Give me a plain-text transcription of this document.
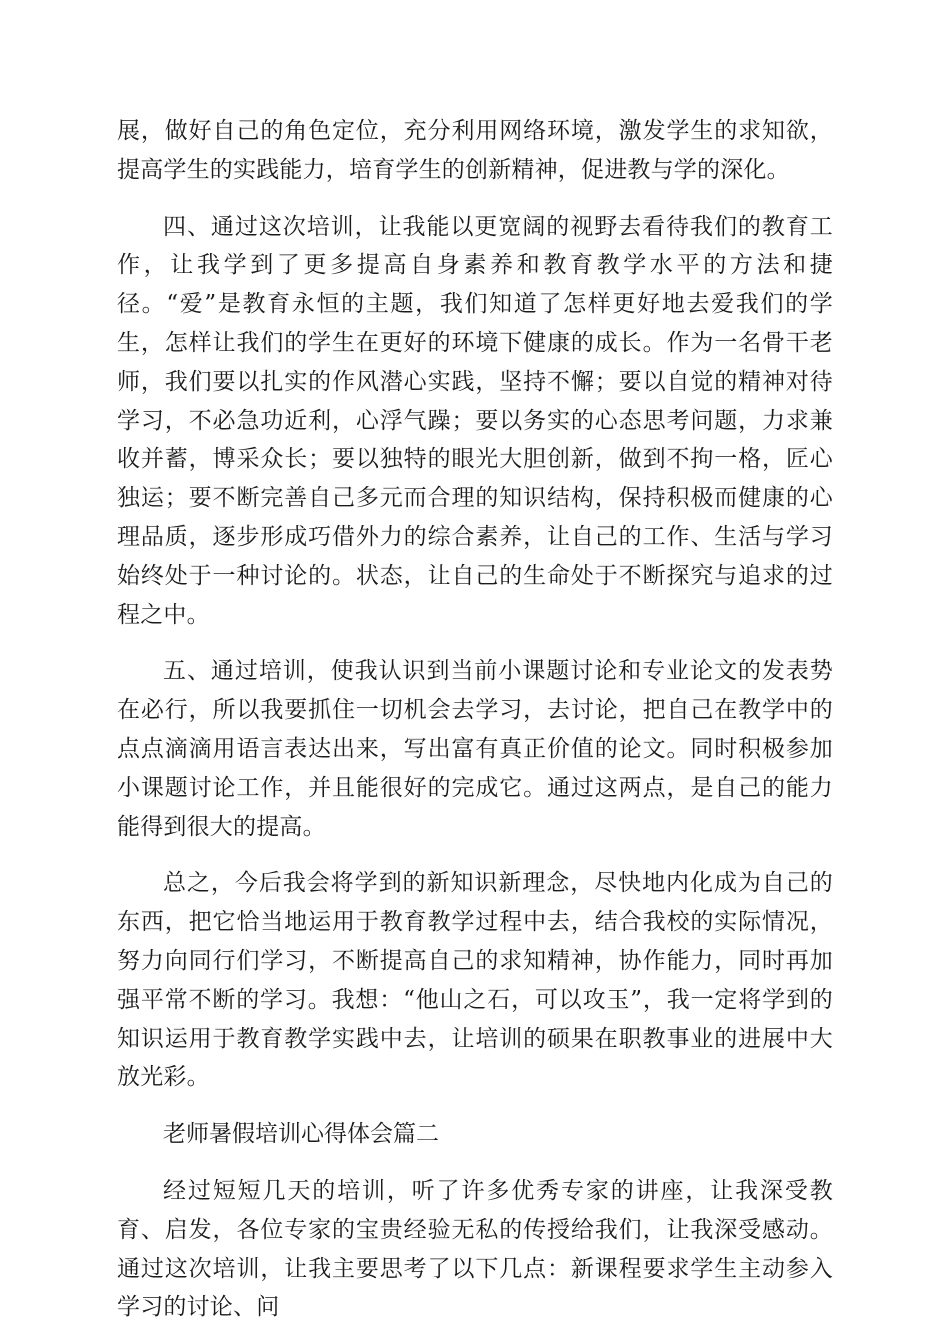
展，做好自己的角色定位，充分利用网络环境，激发学生的求知欲，提高学生的实践能力，培育学生的创新精神，促进教与学的深化。

四、通过这次培训，让我能以更宽阔的视野去看待我们的教育工作，让我学到了更多提高自身素养和教育教学水平的方法和捷径。“爱”是教育永恒的主题，我们知道了怎样更好地去爱我们的学生，怎样让我们的学生在更好的环境下健康的成长。作为一名骨干老师，我们要以扎实的作风潜心实践，坚持不懈；要以自觉的精神对待学习，不必急功近利，心浮气躁；要以务实的心态思考问题，力求兼收并蓄，博采众长；要以独特的眼光大胆创新，做到不拘一格，匠心独运；要不断完善自己多元而合理的知识结构，保持积极而健康的心理品质，逐步形成巧借外力的综合素养，让自己的工作、生活与学习始终处于一种讨论的。状态，让自己的生命处于不断探究与追求的过程之中。

五、通过培训，使我认识到当前小课题讨论和专业论文的发表势在必行，所以我要抓住一切机会去学习，去讨论，把自己在教学中的点点滴滴用语言表达出来，写出富有真正价值的论文。同时积极参加小课题讨论工作，并且能很好的完成它。通过这两点，是自己的能力能得到很大的提高。

总之，今后我会将学到的新知识新理念，尽快地内化成为自己的东西，把它恰当地运用于教育教学过程中去，结合我校的实际情况，努力向同行们学习，不断提高自己的求知精神，协作能力，同时再加强平常不断的学习。我想：“他山之石，可以攻玉”，我一定将学到的知识运用于教育教学实践中去，让培训的硕果在职教事业的进展中大放光彩。

老师暑假培训心得体会篇二

经过短短几天的培训，听了许多优秀专家的讲座，让我深受教育、启发，各位专家的宝贵经验无私的传授给我们，让我深受感动。通过这次培训，让我主要思考了以下几点：新课程要求学生主动参入学习的讨论、问
